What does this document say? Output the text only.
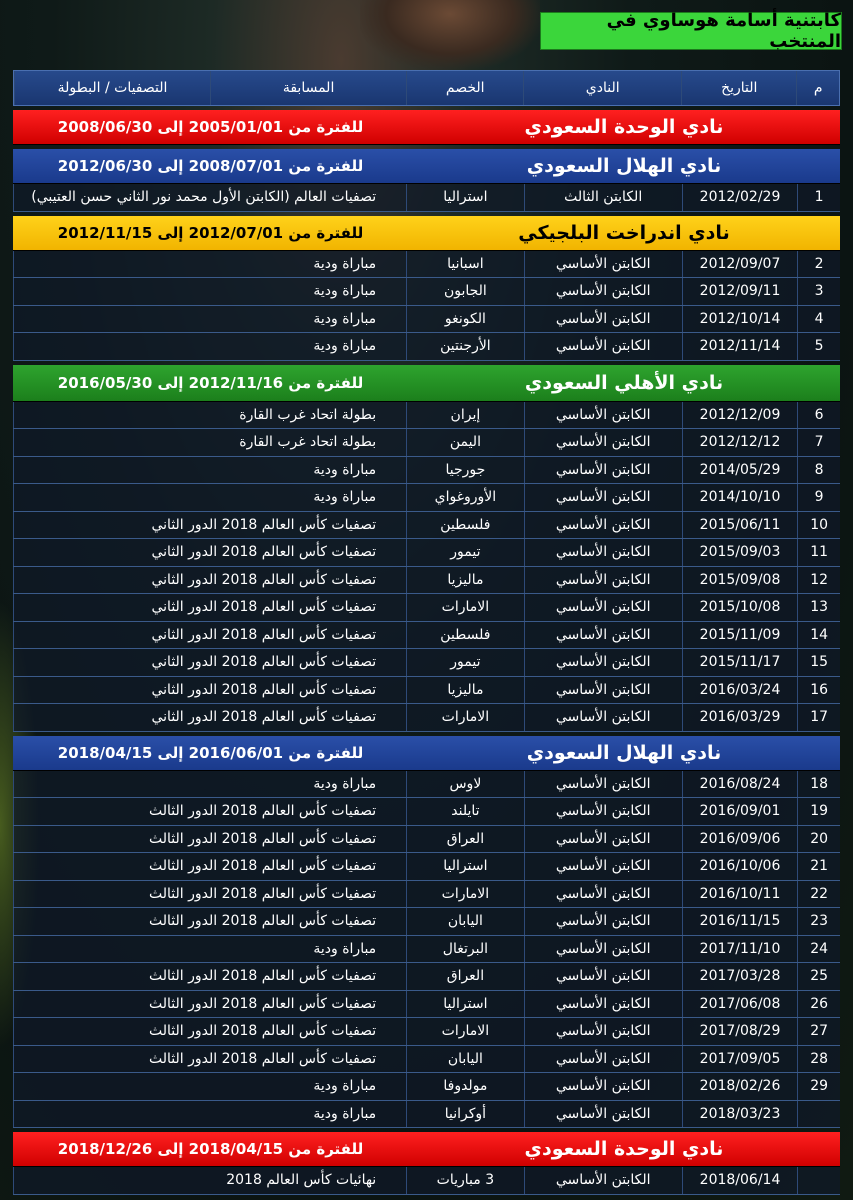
كابتنية أسامة هوساوي في المنتخب
م
التاريخ
النادي
الخصم
المسابقة
التصفيات / البطولة
نادي الوحدة السعودي
للفترة من 2005/01/01 إلى 2008/06/30
نادي الهلال السعودي
للفترة من 2008/07/01 إلى 2012/06/30
1
2012/02/29
الكابتن الثالث
استراليا
تصفيات العالم (الكابتن الأول محمد نور الثاني حسن العتيبي)
نادي اندراخت البلجيكي
للفترة من 2012/07/01 إلى 2012/11/15
2
2012/09/07
الكابتن الأساسي
اسبانيا
مباراة ودية
3
2012/09/11
الكابتن الأساسي
الجابون
مباراة ودية
4
2012/10/14
الكابتن الأساسي
الكونغو
مباراة ودية
5
2012/11/14
الكابتن الأساسي
الأرجنتين
مباراة ودية
نادي الأهلي السعودي
للفترة من 2012/11/16 إلى 2016/05/30
6
2012/12/09
الكابتن الأساسي
إيران
بطولة اتحاد غرب القارة
7
2012/12/12
الكابتن الأساسي
اليمن
بطولة اتحاد غرب القارة
8
2014/05/29
الكابتن الأساسي
جورجيا
مباراة ودية
9
2014/10/10
الكابتن الأساسي
الأوروغواي
مباراة ودية
10
2015/06/11
الكابتن الأساسي
فلسطين
تصفيات كأس العالم 2018 الدور الثاني
11
2015/09/03
الكابتن الأساسي
تيمور
تصفيات كأس العالم 2018 الدور الثاني
12
2015/09/08
الكابتن الأساسي
ماليزيا
تصفيات كأس العالم 2018 الدور الثاني
13
2015/10/08
الكابتن الأساسي
الامارات
تصفيات كأس العالم 2018 الدور الثاني
14
2015/11/09
الكابتن الأساسي
فلسطين
تصفيات كأس العالم 2018 الدور الثاني
15
2015/11/17
الكابتن الأساسي
تيمور
تصفيات كأس العالم 2018 الدور الثاني
16
2016/03/24
الكابتن الأساسي
ماليزيا
تصفيات كأس العالم 2018 الدور الثاني
17
2016/03/29
الكابتن الأساسي
الامارات
تصفيات كأس العالم 2018 الدور الثاني
نادي الهلال السعودي
للفترة من 2016/06/01 إلى 2018/04/15
18
2016/08/24
الكابتن الأساسي
لاوس
مباراة ودية
19
2016/09/01
الكابتن الأساسي
تايلند
تصفيات كأس العالم 2018 الدور الثالث
20
2016/09/06
الكابتن الأساسي
العراق
تصفيات كأس العالم 2018 الدور الثالث
21
2016/10/06
الكابتن الأساسي
استراليا
تصفيات كأس العالم 2018 الدور الثالث
22
2016/10/11
الكابتن الأساسي
الامارات
تصفيات كأس العالم 2018 الدور الثالث
23
2016/11/15
الكابتن الأساسي
اليابان
تصفيات كأس العالم 2018 الدور الثالث
24
2017/11/10
الكابتن الأساسي
البرتغال
مباراة ودية
25
2017/03/28
الكابتن الأساسي
العراق
تصفيات كأس العالم 2018 الدور الثالث
26
2017/06/08
الكابتن الأساسي
استراليا
تصفيات كأس العالم 2018 الدور الثالث
27
2017/08/29
الكابتن الأساسي
الامارات
تصفيات كأس العالم 2018 الدور الثالث
28
2017/09/05
الكابتن الأساسي
اليابان
تصفيات كأس العالم 2018 الدور الثالث
29
2018/02/26
الكابتن الأساسي
مولدوفا
مباراة ودية
2018/03/23
الكابتن الأساسي
أوكرانيا
مباراة ودية
نادي الوحدة السعودي
للفترة من 2018/04/15 إلى 2018/12/26
2018/06/14
الكابتن الأساسي
3 مباريات
نهائيات كأس العالم 2018
